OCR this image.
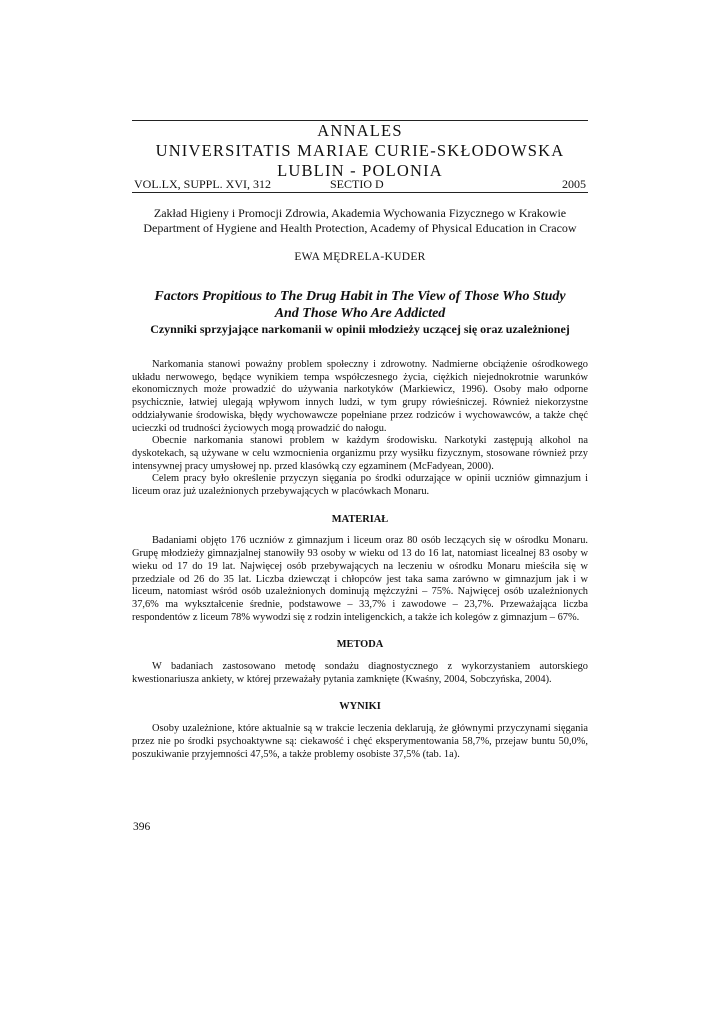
ANNALES
UNIVERSITATIS MARIAE CURIE-SKŁODOWSKA
LUBLIN - POLONIA
VOL.LX, SUPPL. XVI, 312	SECTIO D	2005
Zakład Higieny i Promocji Zdrowia, Akademia Wychowania Fizycznego w Krakowie
Department of Hygiene and Health Protection, Academy of Physical Education in Cracow
EWA MĘDRELA-KUDER
Factors Propitious to The Drug Habit in The View of Those Who Study
And Those Who Are Addicted
Czynniki sprzyjające narkomanii w opinii młodzieży uczącej się oraz uzależnionej

Narkomania stanowi poważny problem społeczny i zdrowotny. Nadmierne obciążenie ośrodkowego układu nerwowego, będące wynikiem tempa współczesnego życia, ciężkich niejednokrotnie warunków ekonomicznych może prowadzić do używania narkotyków (Markiewicz, 1996). Osoby mało odporne psychicznie, łatwiej ulegają wpływom innych ludzi, w tym grupy rówieśniczej. Również niekorzystne oddziaływanie środowiska, błędy wychowawcze popełniane przez rodziców i wychowawców, a także chęć ucieczki od trudności życiowych mogą prowadzić do nałogu.

Obecnie narkomania stanowi problem w każdym środowisku. Narkotyki zastępują alkohol na dyskotekach, są używane w celu wzmocnienia organizmu przy wysiłku fizycznym, stosowane również przy intensywnej pracy umysłowej np. przed klasówką czy egzaminem (McFadyean, 2000).

Celem pracy było określenie przyczyn sięgania po środki odurzające w opinii uczniów gimnazjum i liceum oraz już uzależnionych przebywających w placówkach Monaru.

MATERIAŁ

Badaniami objęto 176 uczniów z gimnazjum i liceum oraz 80 osób leczących się w ośrodku Monaru. Grupę młodzieży gimnazjalnej stanowiły 93 osoby w wieku od 13 do 16 lat, natomiast licealnej 83 osoby w wieku od 17 do 19 lat. Najwięcej osób przebywających na leczeniu w ośrodku Monaru mieściła się w przedziale od 26 do 35 lat. Liczba dziewcząt i chłopców jest taka sama zarówno w gimnazjum jak i w liceum, natomiast wśród osób uzależnionych dominują mężczyźni – 75%. Najwięcej osób uzależnionych 37,6% ma wykształcenie średnie, podstawowe – 33,7% i zawodowe – 23,7%. Przeważająca liczba respondentów z liceum 78% wywodzi się z rodzin inteligenckich, a także ich kolegów z gimnazjum – 67%.

METODA

W badaniach zastosowano metodę sondażu diagnostycznego z wykorzystaniem autorskiego kwestionariusza ankiety, w której przeważały pytania zamknięte (Kwaśny, 2004, Sobczyńska, 2004).

WYNIKI

Osoby uzależnione, które aktualnie są w trakcie leczenia deklarują, że głównymi przyczynami sięgania przez nie po środki psychoaktywne są: ciekawość i chęć eksperymentowania 58,7%, przejaw buntu 50,0%, poszukiwanie przyjemności 47,5%, a także problemy osobiste 37,5% (tab. 1a).

396
